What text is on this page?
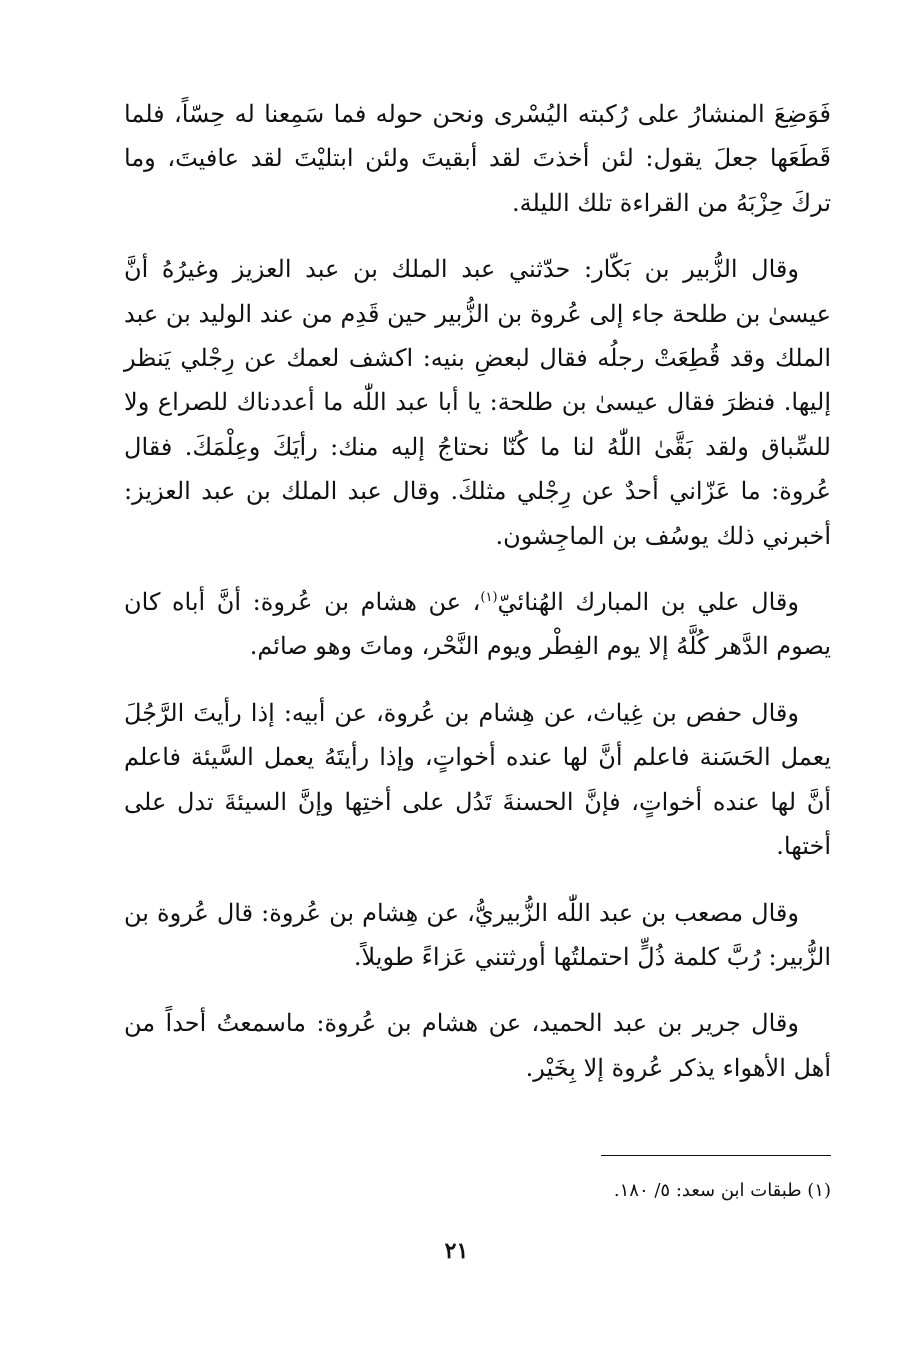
فَوَضِعَ المنشارُ على رُكبته اليُسْرى ونحن حوله فما سَمِعنا له حِسّاً، فلما قَطَعَها جعلَ يقول: لئن أخذتَ لقد أبقيتَ ولئن ابتليْتَ لقد عافيتَ، وما تركَ حِزْبَهُ من القراءة تلك الليلة.

وقال الزُّبير بن بَكّار: حدّثني عبد الملك بن عبد العزيز وغيرُهُ أنَّ عيسىٰ بن طلحة جاء إلى عُروة بن الزُّبير حين قَدِم من عند الوليد بن عبد الملك وقد قُطِعَتْ رجلُه فقال لبعضِ بنيه: اكشف لعمك عن رِجْلي يَنظر إليها. فنظرَ فقال عيسىٰ بن طلحة: يا أبا عبد اللّٰه ما أعددناك للصراع ولا للسِّباق ولقد بَقَّىٰ اللّٰهُ لنا ما كُنّا نحتاجُ إليه منك: رأيَكَ وعِلْمَكَ. فقال عُروة: ما عَزّاني أحدٌ عن رِجْلي مثلكَ. وقال عبد الملك بن عبد العزيز: أخبرني ذلك يوسُف بن الماجِشون.

وقال علي بن المبارك الهُنائيّ$^{(١)}$، عن هشام بن عُروة: أنَّ أباه كان يصوم الدَّهر كُلَّهُ إلا يوم الفِطْر ويوم النَّحْر، وماتَ وهو صائم.

وقال حفص بن غِياث، عن هِشام بن عُروة، عن أبيه: إذا رأيتَ الرَّجُلَ يعمل الحَسَنة فاعلم أنَّ لها عنده أخواتٍ، وإذا رأيتَهُ يعمل السَّيئة فاعلم أنَّ لها عنده أخواتٍ، فإنَّ الحسنةَ تَدُل على أختِها وإنَّ السيئةَ تدل على أختها.

وقال مصعب بن عبد اللّٰه الزُّبيريُّ، عن هِشام بن عُروة: قال عُروة بن الزُّبير: رُبَّ كلمة ذُلٍّ احتملتُها أورثتني عَزاءً طويلاً.

وقال جرير بن عبد الحميد، عن هشام بن عُروة: ماسمعتُ أحداً من أهل الأهواء يذكر عُروة إلا بِخَيْر.

(١) طبقات ابن سعد: ٥/ ١٨٠.
٢١
